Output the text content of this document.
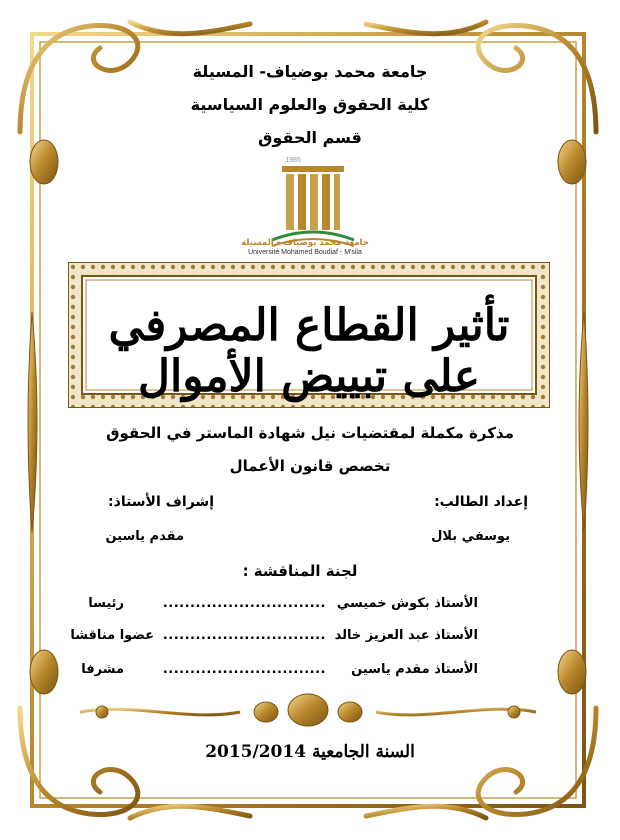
جامعة محمد بوضياف- المسيلة
كلية الحقوق والعلوم السياسية
قسم الحقوق
1985
جامعة محمد بوضياف - المسيلة
Université Mohamed Boudiaf - M'sila
تأثير القطاع المصرفي على تبييض الأموال
مذكرة مكملة لمقتضيات نيل شهادة الماستر في الحقوق
تخصص قانون الأعمال
إعداد الطالب:
إشراف الأستاذ:
يوسفي بلال
مقدم ياسين
لجنة المناقشة :
الأستاذ بكوش خميسي
..............................
رئيسا
الأستاذ عبد العزيز خالد
..............................
عضوا مناقشا
الأستاذ مقدم ياسين
..............................
مشرفا
السنة الجامعية 2015/2014
